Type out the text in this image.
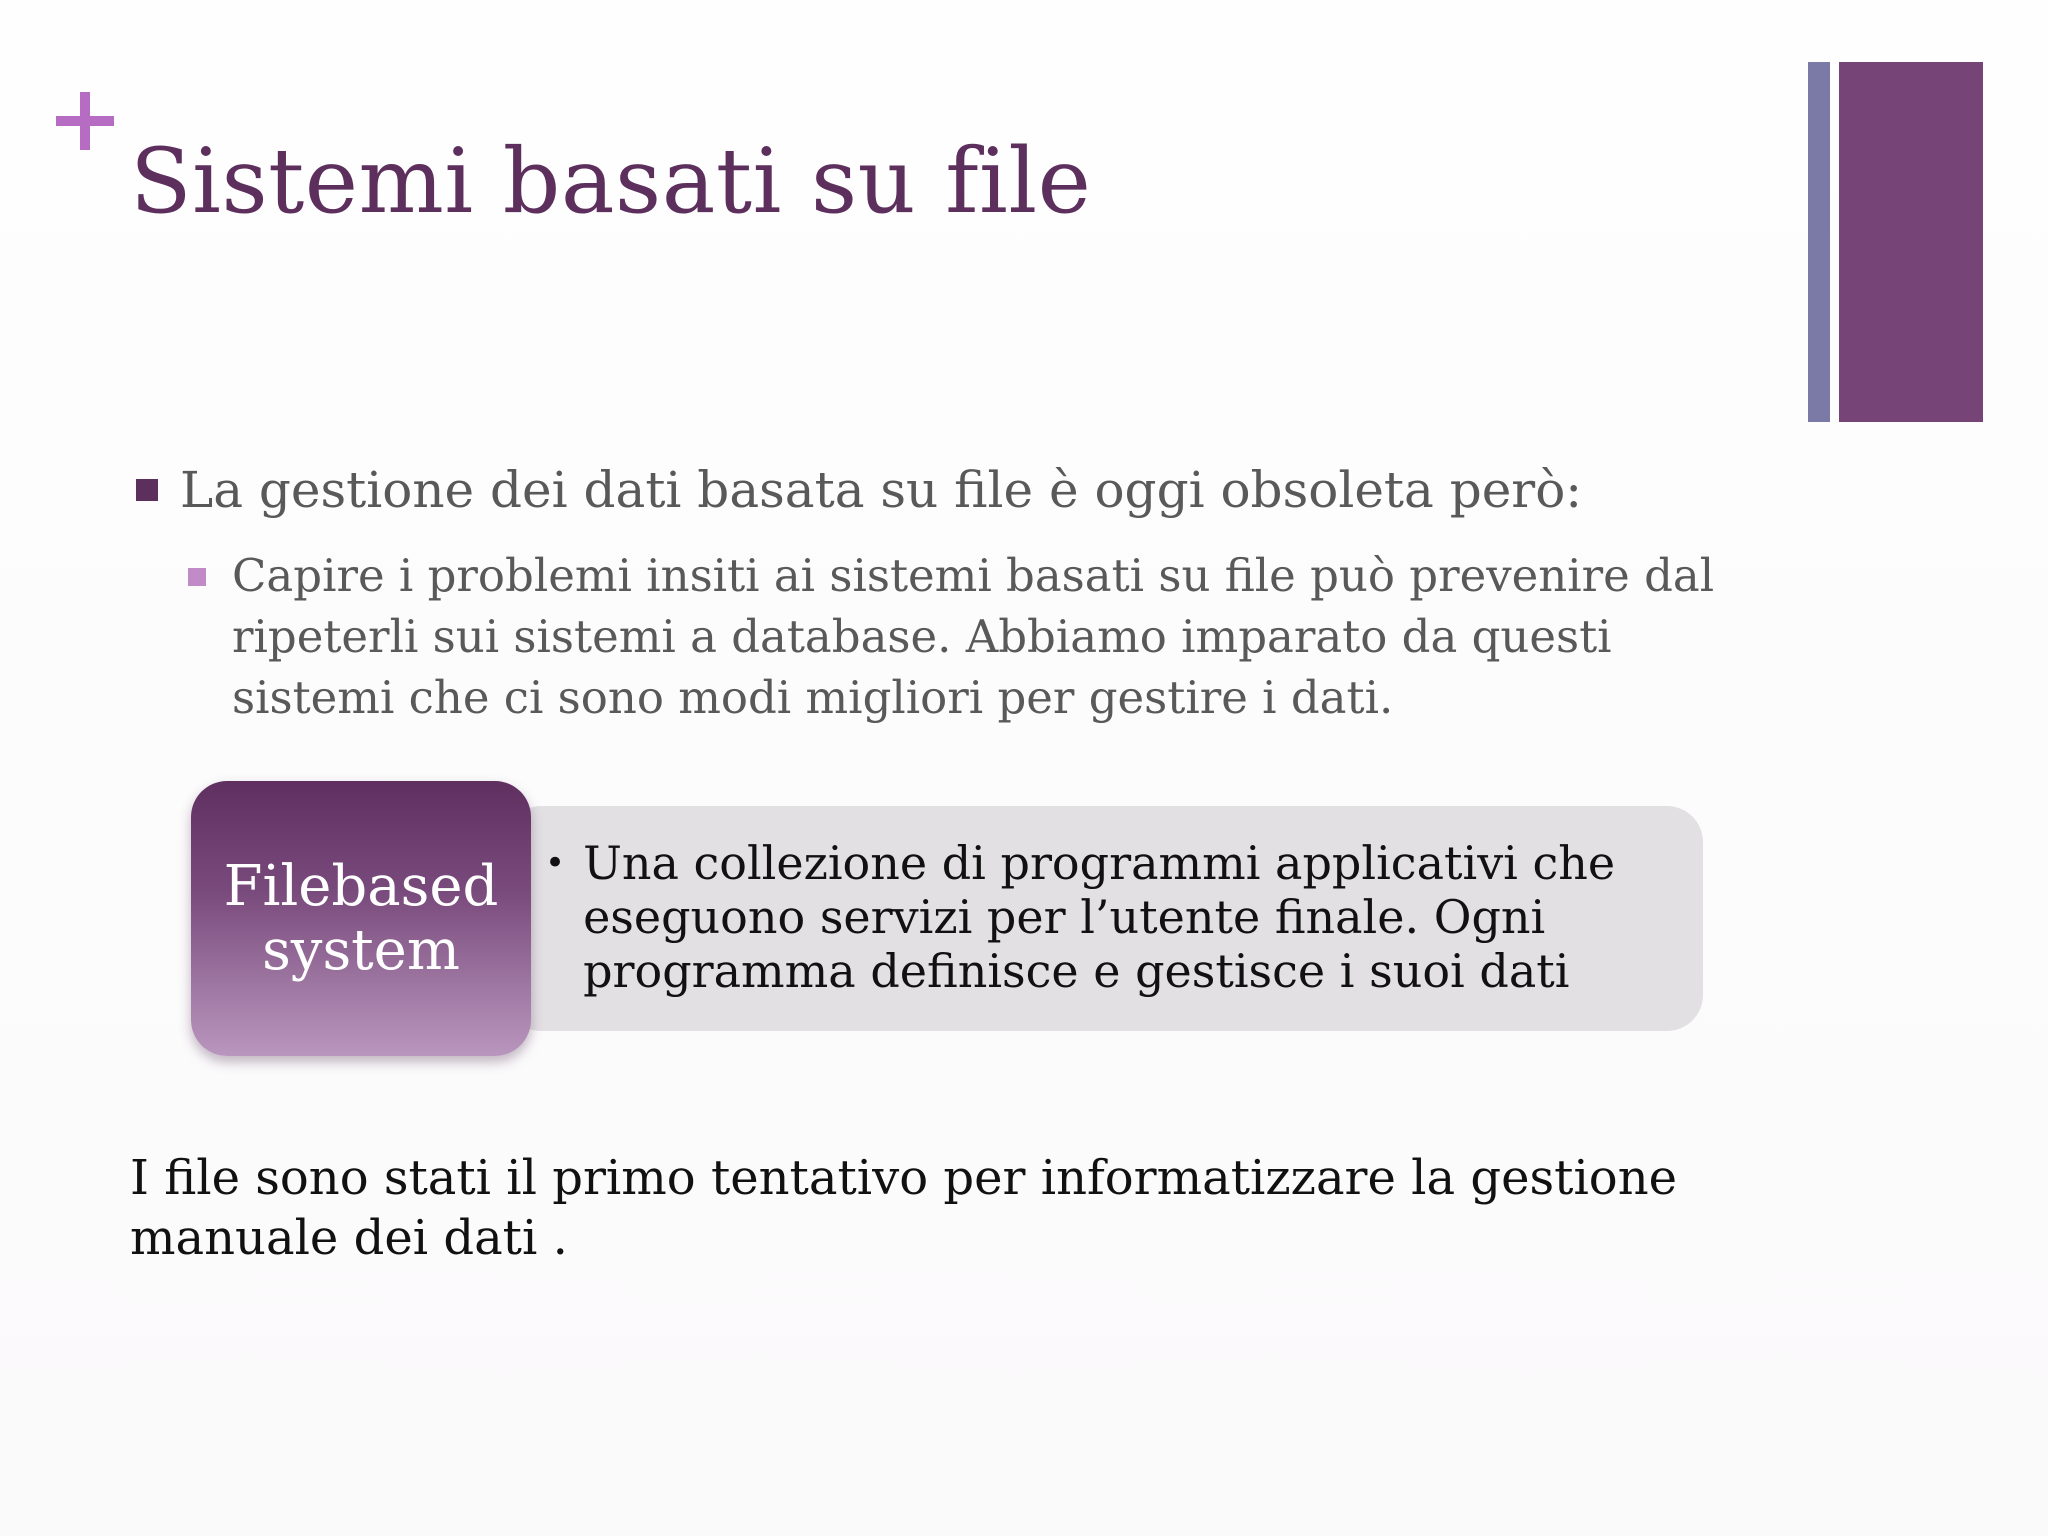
Sistemi basati su file
La gestione dei dati basata su file è oggi obsoleta però:
Capire i problemi insiti ai sistemi basati su file può prevenire dal ripeterli sui sistemi a database. Abbiamo imparato da questi sistemi che ci sono modi migliori per gestire i dati.
• Una collezione di programmi applicativi che eseguono servizi per l’utente finale. Ogni programma definisce e gestisce i suoi dati
Filebased system
I file sono stati il primo tentativo per informatizzare la gestione manuale dei dati .
